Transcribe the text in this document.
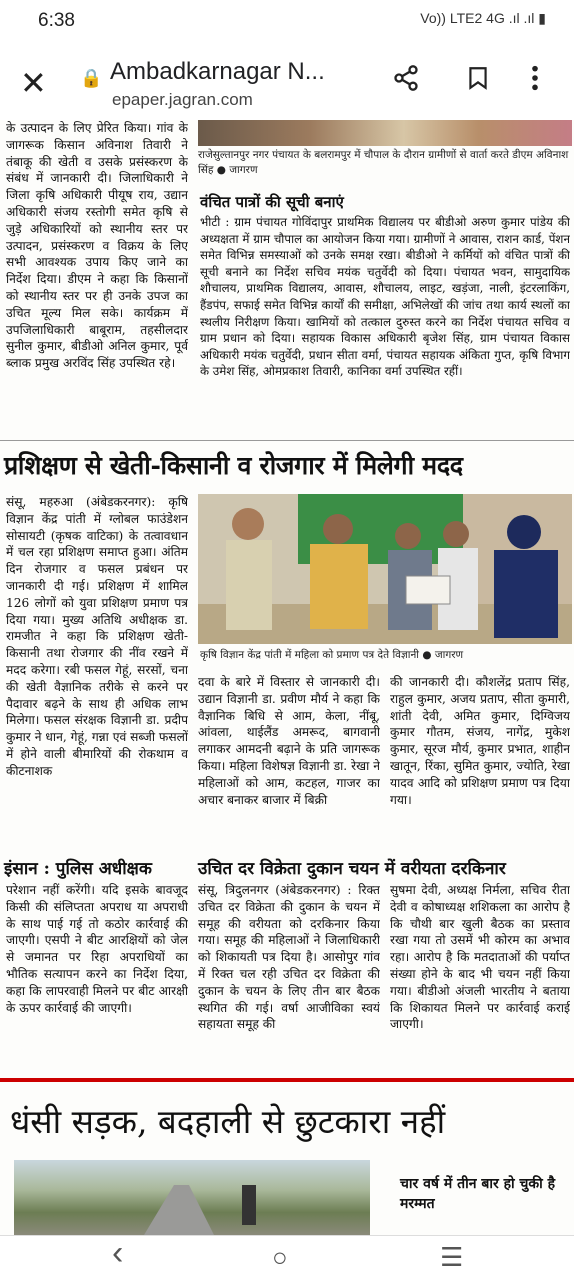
6:38	Vo)) LTE2 4G .ıl .ıl ▮
✕ 🔒 Ambadkarnagar N...
epaper.jagran.com
के उत्पादन के लिए प्रेरित किया। गांव के जागरूक किसान अविनाश तिवारी ने तंबाकू की खेती व उसके प्रसंस्करण के संबंध में जानकारी दी। जिलाधिकारी ने जिला कृषि अधिकारी पीयूष राय, उद्यान अधिकारी संजय रस्तोगी समेत कृषि से जुड़े अधिकारियों को स्थानीय स्तर पर उत्पादन, प्रसंस्करण व विक्रय के लिए सभी आवश्यक उपाय किए जाने का निर्देश दिया। डीएम ने कहा कि किसानों को स्थानीय स्तर पर ही उनके उपज का उचित मूल्य मिल सके। कार्यक्रम में उपजिलाधिकारी बाबूराम, तहसीलदार सुनील कुमार, बीडीओ अनिल कुमार, पूर्व ब्लाक प्रमुख अरविंद सिंह उपस्थित रहे।
राजेसुल्तानपुर नगर पंचायत के बलरामपुर में चौपाल के दौरान ग्रामीणों से वार्ता करते डीएम अविनाश सिंह ● जागरण
वंचित पात्रों की सूची बनाएं
भीटी : ग्राम पंचायत गोविंदापुर प्राथमिक विद्यालय पर बीडीओ अरुण कुमार पांडेय की अध्यक्षता में ग्राम चौपाल का आयोजन किया गया। ग्रामीणों ने आवास, राशन कार्ड, पेंशन समेत विभिन्न समस्याओं को उनके समक्ष रखा। बीडीओ ने कर्मियों को वंचित पात्रों की सूची बनाने का निर्देश सचिव मयंक चतुर्वेदी को दिया। पंचायत भवन, सामुदायिक शौचालय, प्राथमिक विद्यालय, आवास, शौचालय, लाइट, खड़ंजा, नाली, इंटरलाकिंग, हैंडपंप, सफाई समेत विभिन्न कार्यों की समीक्षा, अभिलेखों की जांच तथा कार्य स्थलों का स्थलीय निरीक्षण किया। खामियों को तत्काल दुरुस्त करने का निर्देश पंचायत सचिव व ग्राम प्रधान को दिया। सहायक विकास अधिकारी बृजेश सिंह, ग्राम पंचायत विकास अधिकारी मयंक चतुर्वेदी, प्रधान सीता वर्मा, पंचायत सहायक अंकिता गुप्त, कृषि विभाग के उमेश सिंह, ओमप्रकाश तिवारी, कानिका वर्मा उपस्थित रहीं।
प्रशिक्षण से खेती-किसानी व रोजगार में मिलेगी मदद
संसू, महरुआ (अंबेडकरनगर): कृषि विज्ञान केंद्र पांती में ग्लोबल फाउंडेशन सोसायटी (कृषक वाटिका) के तत्वावधान में चल रहा प्रशिक्षण समाप्त हुआ। अंतिम दिन रोजगार व फसल प्रबंधन पर जानकारी दी गई। प्रशिक्षण में शामिल 126 लोगों को युवा प्रशिक्षण प्रमाण पत्र दिया गया। मुख्य अतिथि अधीक्षक डा. रामजीत ने कहा कि प्रशिक्षण खेती-किसानी तथा रोजगार की नींव रखने में मदद करेगा। रबी फसल गेहूं, सरसों, चना की खेती वैज्ञानिक तरीके से करने पर पैदावार बढ़ने के साथ ही अधिक लाभ मिलेगा। फसल संरक्षक विज्ञानी डा. प्रदीप कुमार ने धान, गेहूं, गन्ना एवं सब्जी फसलों में होने वाली बीमारियों की रोकथाम व कीटनाशक
कृषि विज्ञान केंद्र पांती में महिला को प्रमाण पत्र देते विज्ञानी ● जागरण
दवा के बारे में विस्तार से जानकारी दी। उद्यान विज्ञानी डा. प्रवीण मौर्य ने कहा कि वैज्ञानिक बिधि से आम, केला, नींबू, आंवला, थाईलैंड अमरूद, बागवानी लगाकर आमदनी बढ़ाने के प्रति जागरूक किया। महिला विशेषज्ञ विज्ञानी डा. रेखा ने महिलाओं को आम, कटहल, गाजर का अचार बनाकर बाजार में बिक्री
की जानकारी दी। कौशलेंद्र प्रताप सिंह, राहुल कुमार, अजय प्रताप, सीता कुमारी, शांती देवी, अमित कुमार, दिग्विजय कुमार गौतम, संजय, नागेंद्र, मुकेश कुमार, सूरज मौर्य, कुमार प्रभात, शाहीन खातून, रिंका, सुमित कुमार, ज्योति, रेखा यादव आदि को प्रशिक्षण प्रमाण पत्र दिया गया।
इंसान : पुलिस अधीक्षक
परेशान नहीं करेंगी। यदि इसके बावजूद किसी की संलिप्तता अपराध या अपराधी के साथ पाई गई तो कठोर कार्रवाई की जाएगी। एसपी ने बीट आरक्षियों को जेल से जमानत पर रिहा अपराधियों का भौतिक सत्यापन करने का निर्देश दिया, कहा कि लापरवाही मिलने पर बीट आरक्षी के ऊपर कार्रवाई की जाएगी।
उचित दर विक्रेता दुकान चयन में वरीयता दरकिनार
संसू, त्रिदुलनगर (अंबेडकरनगर) : रिक्त उचित दर विक्रेता की दुकान के चयन में समूह की वरीयता को दरकिनार किया गया। समूह की महिलाओं ने जिलाधिकारी को शिकायती पत्र दिया है। आसोपुर गांव में रिक्त चल रही उचित दर विक्रेता की दुकान के चयन के लिए तीन बार बैठक स्थगित की गई। वर्षा आजीविका स्वयं सहायता समूह की
सुषमा देवी, अध्यक्ष निर्मला, सचिव रीता देवी व कोषाध्यक्ष शशिकला का आरोप है कि चौथी बार खुली बैठक का प्रस्ताव रखा गया तो उसमें भी कोरम का अभाव रहा। आरोप है कि मतदाताओं की पर्याप्त संख्या होने के बाद भी चयन नहीं किया गया। बीडीओ अंजली भारतीय ने बताया कि शिकायत मिलने पर कार्रवाई कराई जाएगी।
धंसी सड़क, बदहाली से छुटकारा नहीं
चार वर्ष में तीन बार हो चुकी है मरम्मत
‹	○	☰
